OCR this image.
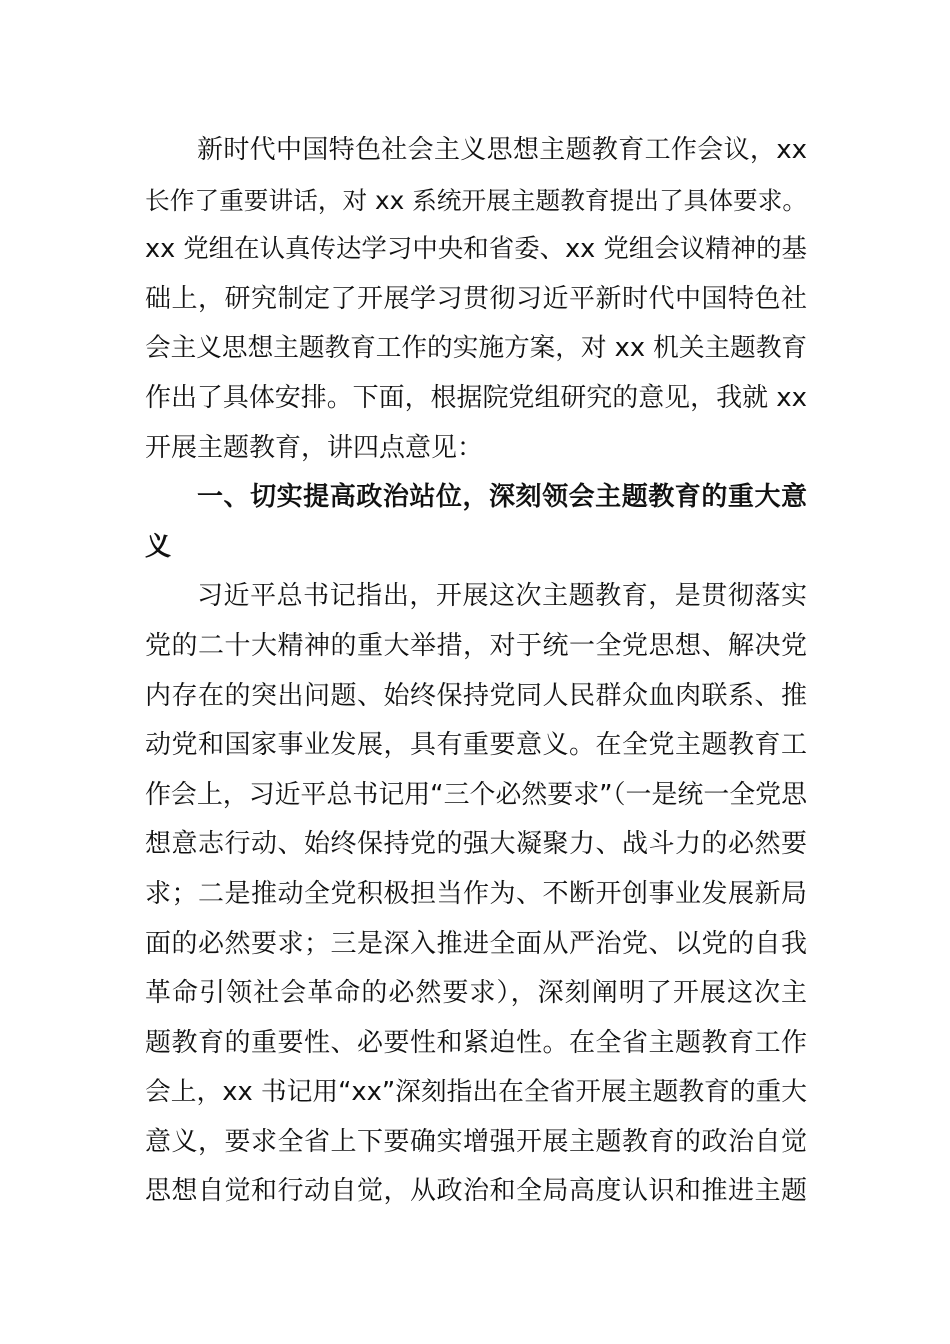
新时代中国特色社会主义思想主题教育工作会议，xx
长作了重要讲话，对 xx 系统开展主题教育提出了具体要求。
xx 党组在认真传达学习中央和省委、xx 党组会议精神的基
础上，研究制定了开展学习贯彻习近平新时代中国特色社
会主义思想主题教育工作的实施方案，对 xx 机关主题教育
作出了具体安排。下面，根据院党组研究的意见，我就 xx
开展主题教育，讲四点意见：
一、切实提高政治站位，深刻领会主题教育的重大意
义
习近平总书记指出，开展这次主题教育，是贯彻落实
党的二十大精神的重大举措，对于统一全党思想、解决党
内存在的突出问题、始终保持党同人民群众血肉联系、推
动党和国家事业发展，具有重要意义。在全党主题教育工
作会上，习近平总书记用“三个必然要求”（一是统一全党思
想意志行动、始终保持党的强大凝聚力、战斗力的必然要
求；二是推动全党积极担当作为、不断开创事业发展新局
面的必然要求；三是深入推进全面从严治党、以党的自我
革命引领社会革命的必然要求），深刻阐明了开展这次主
题教育的重要性、必要性和紧迫性。在全省主题教育工作
会上，xx 书记用“xx”深刻指出在全省开展主题教育的重大
意义，要求全省上下要确实增强开展主题教育的政治自觉
思想自觉和行动自觉，从政治和全局高度认识和推进主题
